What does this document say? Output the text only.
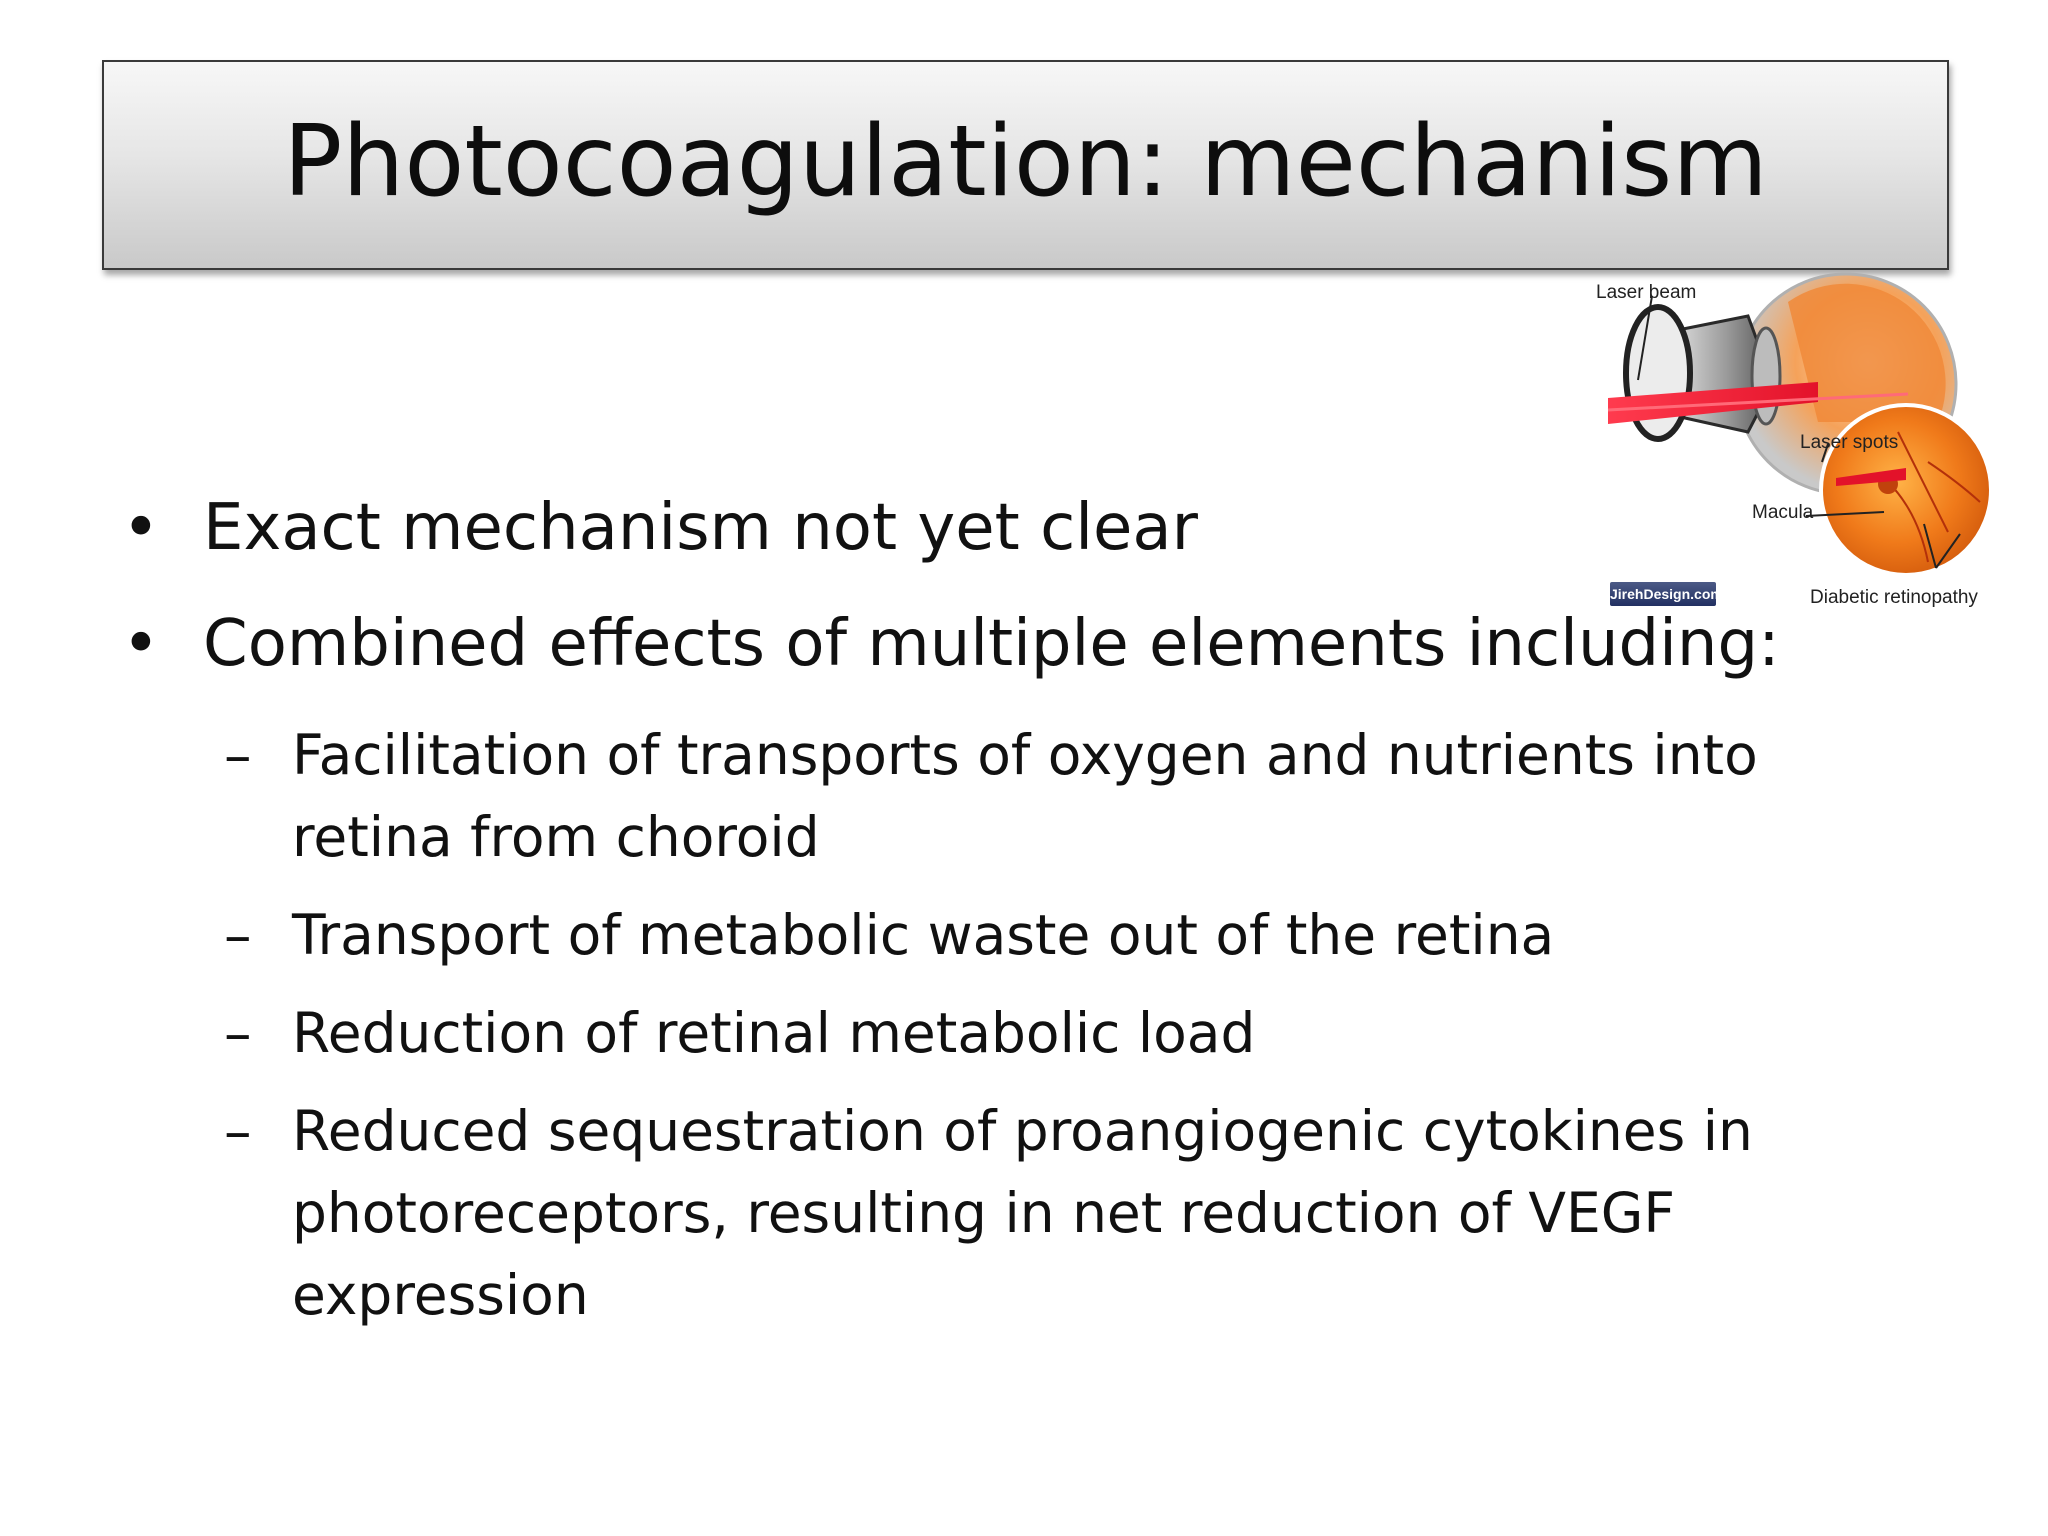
Photocoagulation: mechanism
Laser beam
Laser spots
Macula
Diabetic retinopathy
JirehDesign.com
• Exact mechanism not yet clear
• Combined effects of multiple elements including:
– Facilitation of transports of oxygen and nutrients into retina from choroid
– Transport of metabolic waste out of the retina
– Reduction of retinal metabolic load
– Reduced sequestration of proangiogenic cytokines in photoreceptors, resulting in net reduction of VEGF expression
